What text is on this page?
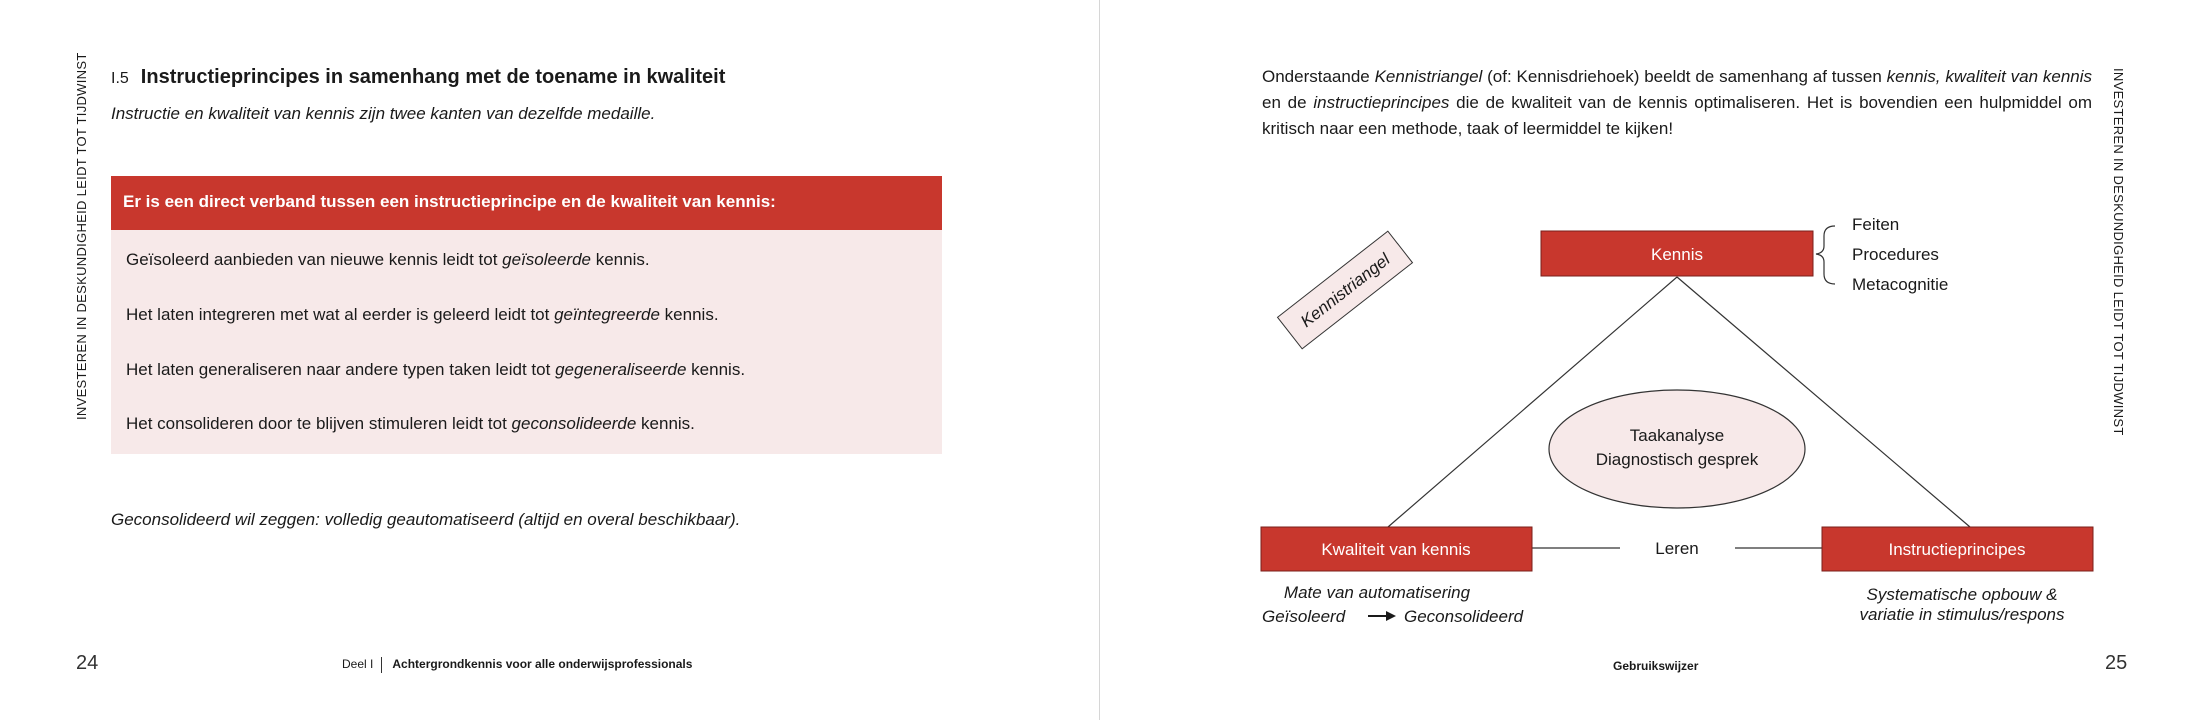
INVESTEREN IN DESKUNDIGHEID LEIDT TOT TIJDWINST I.5 Instructieprincipes in samenhang met de toename in kwaliteit
Instructie en kwaliteit van kennis zijn twee kanten van dezelfde medaille.
Er is een direct verband tussen een instructieprincipe en de kwaliteit van kennis:
Geïsoleerd aanbieden van nieuwe kennis leidt tot geïsoleerde kennis.
Het laten integreren met wat al eerder is geleerd leidt tot geïntegreerde kennis.
Het laten generaliseren naar andere typen taken leidt tot gegeneraliseerde kennis.
Het consolideren door te blijven stimuleren leidt tot geconsolideerde kennis.
Geconsolideerd wil zeggen: volledig geautomatiseerd (altijd en overal beschikbaar).
24	Deel I Achtergrondkennis voor alle onderwijsprofessionals
INVESTEREN IN DESKUNDIGHEID LEIDT TOT TIJDWINST
Onderstaande Kennistriangel (of: Kennisdriehoek) beeldt de samenhang af tussen kennis, kwaliteit van kennis en de instructieprincipes die de kwaliteit van de kennis optimaliseren. Het is bovendien een hulpmiddel om kritisch naar een methode, taak of leermiddel te kijken!
Kennistriangel	Kennis
Feiten
Procedures
Metacognitie
Taakanalyse
Diagnostisch gesprek
Kwaliteit van kennis	Leren	Instructieprincipes
Mate van automatisering
Geïsoleerd	Geconsolideerd
Systematische opbouw &
variatie in stimulus/respons
Gebruikswijzer	25
